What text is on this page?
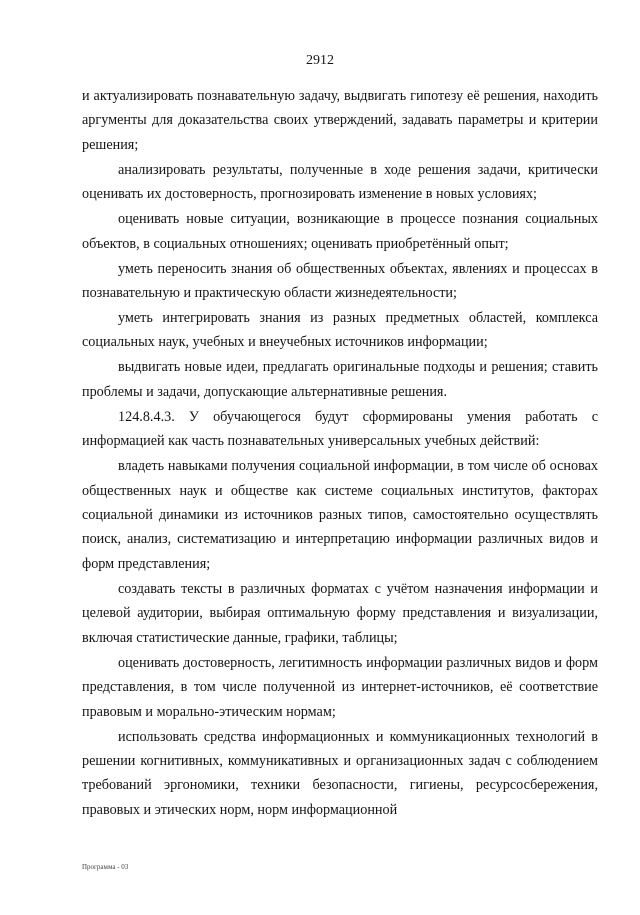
2912

и актуализировать познавательную задачу, выдвигать гипотезу её решения, находить аргументы для доказательства своих утверждений, задавать параметры и критерии решения;

анализировать результаты, полученные в ходе решения задачи, критически оценивать их достоверность, прогнозировать изменение в новых условиях;

оценивать новые ситуации, возникающие в процессе познания социальных объектов, в социальных отношениях; оценивать приобретённый опыт;

уметь переносить знания об общественных объектах, явлениях и процессах в познавательную и практическую области жизнедеятельности;

уметь интегрировать знания из разных предметных областей, комплекса социальных наук, учебных и внеучебных источников информации;

выдвигать новые идеи, предлагать оригинальные подходы и решения; ставить проблемы и задачи, допускающие альтернативные решения.

124.8.4.3. У обучающегося будут сформированы умения работать с информацией как часть познавательных универсальных учебных действий:

владеть навыками получения социальной информации, в том числе об основах общественных наук и обществе как системе социальных институтов, факторах социальной динамики из источников разных типов, самостоятельно осуществлять поиск, анализ, систематизацию и интерпретацию информации различных видов и форм представления;

создавать тексты в различных форматах с учётом назначения информации и целевой аудитории, выбирая оптимальную форму представления и визуализации, включая статистические данные, графики, таблицы;

оценивать достоверность, легитимность информации различных видов и форм представления, в том числе полученной из интернет-источников, её соответствие правовым и морально-этическим нормам;

использовать средства информационных и коммуникационных технологий в решении когнитивных, коммуникативных и организационных задач с соблюдением требований эргономики, техники безопасности, гигиены, ресурсосбережения, правовых и этических норм, норм информационной

Программа - 03
